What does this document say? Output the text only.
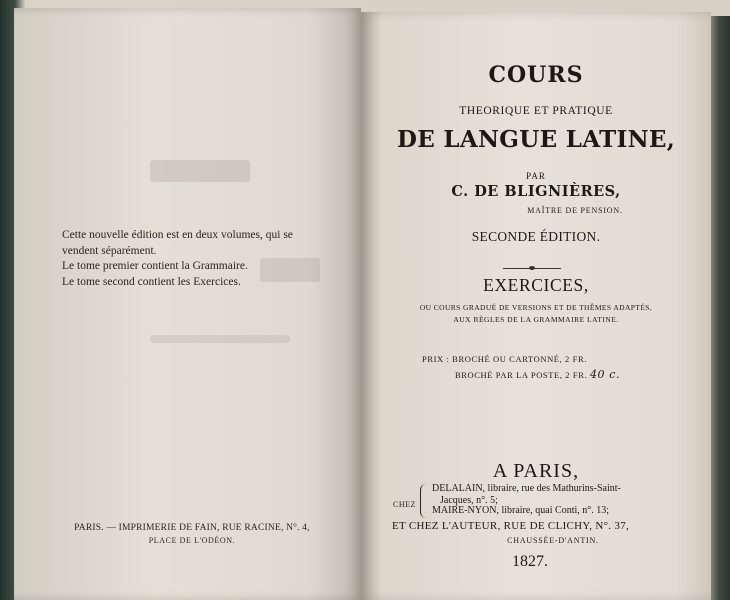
Cette nouvelle édition est en deux volumes, qui se

vendent séparément.

Le tome premier contient la Grammaire.

Le tome second contient les Exercices.

PARIS. — IMPRIMERIE DE FAIN, RUE RACINE, N°. 4,
PLACE DE L'ODÉON.
COURS
THEORIQUE ET PRATIQUE
DE LANGUE LATINE,
PAR
C. DE BLIGNIÈRES,
MAÎTRE DE PENSION.
SECONDE ÉDITION.
EXERCICES,
OU COURS GRADUÉ DE VERSIONS ET DE THÊMES ADAPTÉS,
AUX RÈGLES DE LA GRAMMAIRE LATINE.
PRIX : BROCHÉ OU CARTONNÉ, 2 FR.
BROCHÉ PAR LA POSTE, 2 FR. 40 c.
A PARIS,
CHEZ
DELALAIN, libraire, rue des Mathurins-Saint-
Jacques, n°. 5;
MAIRE-NYON, libraire, quai Conti, n°. 13;
ET CHEZ L'AUTEUR, RUE DE CLICHY, N°. 37,
CHAUSSÉE-D'ANTIN.
1827.
